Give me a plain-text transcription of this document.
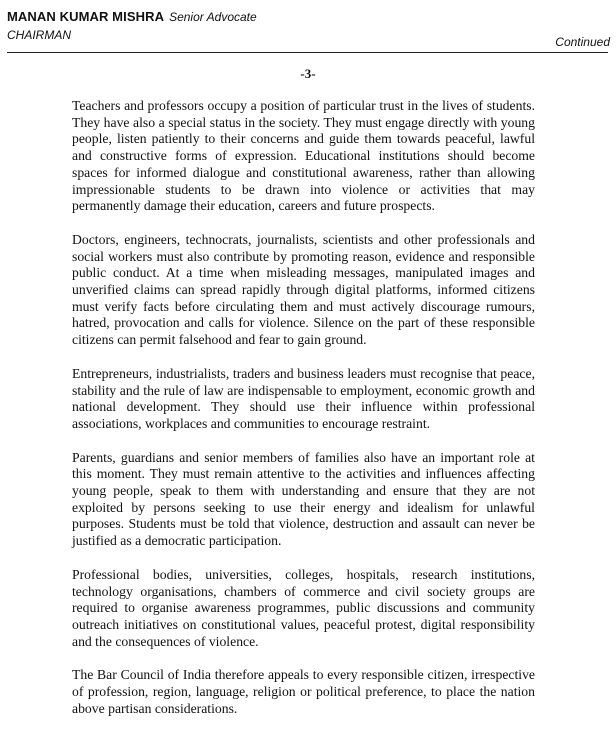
MANAN KUMAR MISHRA Senior Advocate
CHAIRMAN	Continued
-3-

Teachers and professors occupy a position of particular trust in the lives of students. They have also a special status in the society. They must engage directly with young people, listen patiently to their concerns and guide them towards peaceful, lawful and constructive forms of expression. Educational institutions should become spaces for informed dialogue and constitutional awareness, rather than allowing impressionable students to be drawn into violence or activities that may permanently damage their education, careers and future prospects.

Doctors, engineers, technocrats, journalists, scientists and other professionals and social workers must also contribute by promoting reason, evidence and responsible public conduct. At a time when misleading messages, manipulated images and unverified claims can spread rapidly through digital platforms, informed citizens must verify facts before circulating them and must actively discourage rumours, hatred, provocation and calls for violence. Silence on the part of these responsible citizens can permit falsehood and fear to gain ground.

Entrepreneurs, industrialists, traders and business leaders must recognise that peace, stability and the rule of law are indispensable to employment, economic growth and national development. They should use their influence within professional associations, workplaces and communities to encourage restraint.

Parents, guardians and senior members of families also have an important role at this moment. They must remain attentive to the activities and influences affecting young people, speak to them with understanding and ensure that they are not exploited by persons seeking to use their energy and idealism for unlawful purposes. Students must be told that violence, destruction and assault can never be justified as a democratic participation.

Professional bodies, universities, colleges, hospitals, research institutions, technology organisations, chambers of commerce and civil society groups are required to organise awareness programmes, public discussions and community outreach initiatives on constitutional values, peaceful protest, digital responsibility and the consequences of violence.

The Bar Council of India therefore appeals to every responsible citizen, irrespective of profession, region, language, religion or political preference, to place the nation above partisan considerations.
